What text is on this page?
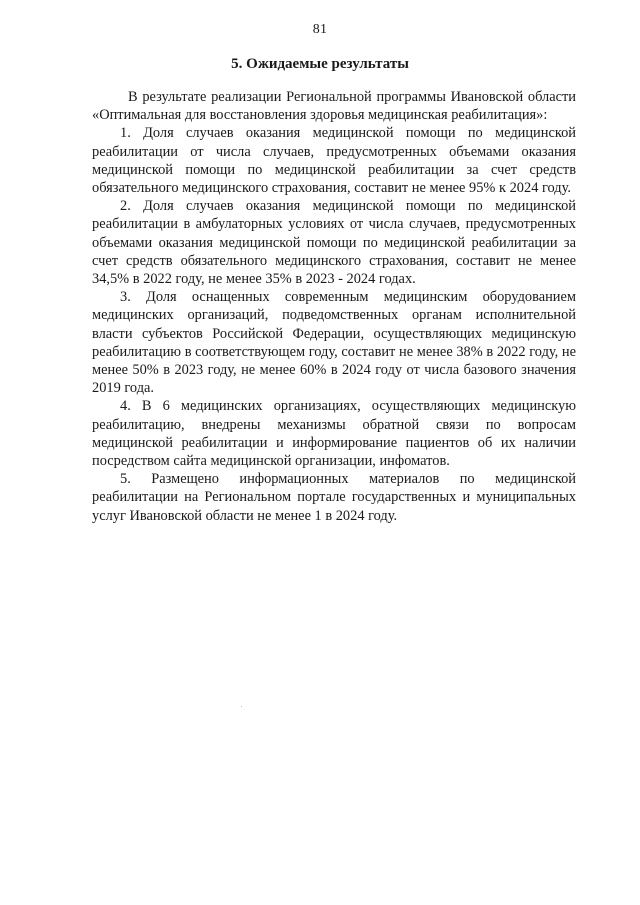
81
5. Ожидаемые результаты

В результате реализации Региональной программы Ивановской области «Оптимальная для восстановления здоровья медицинская реабилитация»:

1. Доля случаев оказания медицинской помощи по медицинской реабилитации от числа случаев, предусмотренных объемами оказания медицинской помощи по медицинской реабилитации за счет средств обязательного медицинского страхования, составит не менее 95% к 2024 году.

2. Доля случаев оказания медицинской помощи по медицинской реабилитации в амбулаторных условиях от числа случаев, предусмотренных объемами оказания медицинской помощи по медицинской реабилитации за счет средств обязательного медицинского страхования, составит не менее 34,5% в 2022 году, не менее 35% в 2023 - 2024 годах.

3. Доля оснащенных современным медицинским оборудованием медицинских организаций, подведомственных органам исполнительной власти субъектов Российской Федерации, осуществляющих медицинскую реабилитацию в соответствующем году, составит не менее 38% в 2022 году, не менее 50% в 2023 году, не менее 60% в 2024 году от числа базового значения 2019 года.

4. В 6 медицинских организациях, осуществляющих медицинскую реабилитацию, внедрены механизмы обратной связи по вопросам медицинской реабилитации и информирование пациентов об их наличии посредством сайта медицинской организации, инфоматов.

5. Размещено информационных материалов по медицинской реабилитации на Региональном портале государственных и муниципальных услуг Ивановской области не менее 1 в 2024 году.
